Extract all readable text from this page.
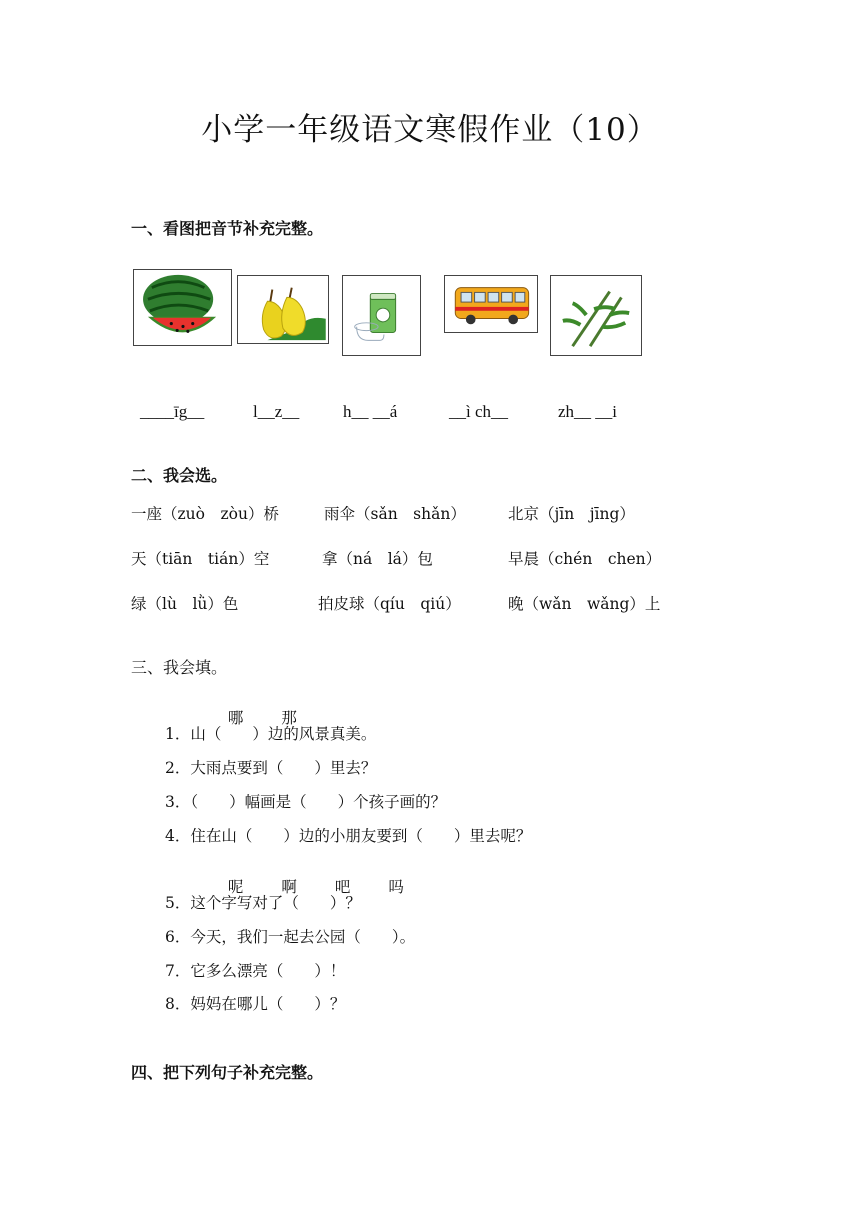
小学一年级语文寒假作业（10）
一、看图把音节补充完整。
____īg__	l__z__	h__ __á	__ì ch__	zh__ __i
二、我会选。
一座（zuò　zòu）桥	雨伞（sǎn　shǎn）	北京（jīn　jīng）
天（tiān　tián）空	拿（ná　lá）包	早晨（chén　chen）
绿（lù　lǜ）色	拍皮球（qíu　qiú）	晚（wǎn　wǎng）上
三、我会填。

哪 那

1．山（　　）边的风景真美。
2．大雨点要到（　　）里去？
3．（　　）幅画是（　　）个孩子画的？
4．住在山（　　）边的小朋友要到（　　）里去呢？

呢 啊 吧 吗

5．这个字写对了（　　）？
6．今天，我们一起去公园（　　）。
7．它多么漂亮（　　）！
8．妈妈在哪儿（　　）？
四、把下列句子补充完整。
